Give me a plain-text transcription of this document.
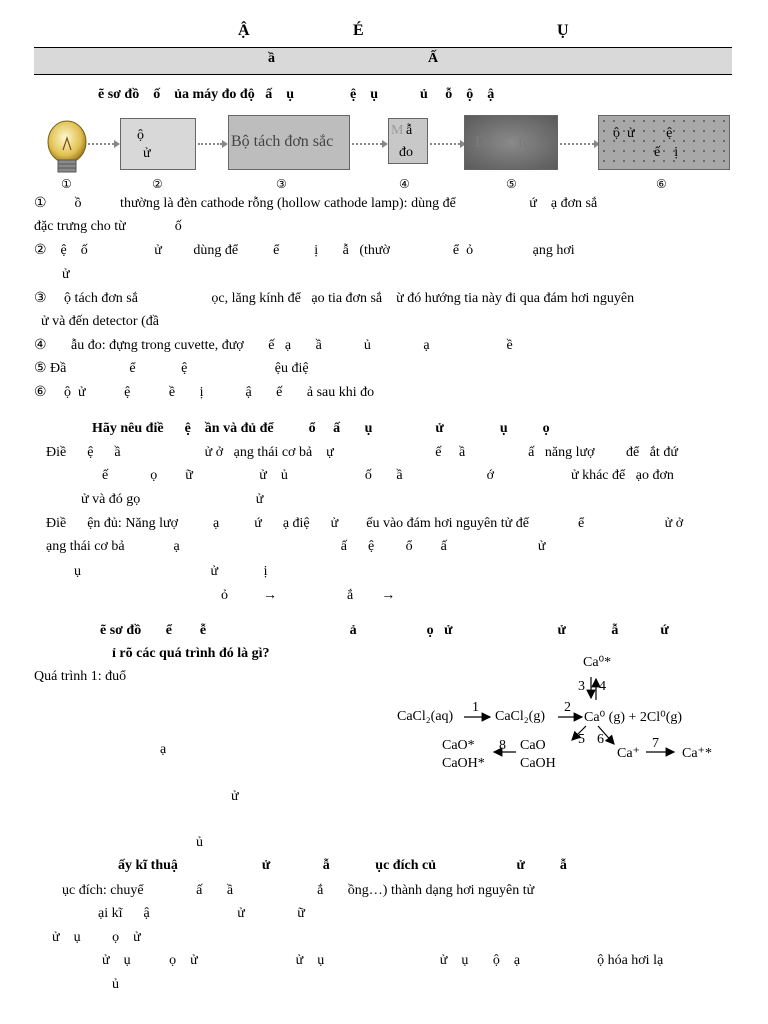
Ậ	É	Ụ
ầ	Ấ
ẽ sơ đồ    ố    ủa máy đo độ   ấ    ụ                ệ    ụ            ủ     ỗ    ộ    ậ
ộ
ử
Bộ tách đơn sắc
M ẫ
đo
Đ        tơ
ộ  ử         ệ
ế    ị
①	②	③	④	⑤	⑥
①        ồ           thường là đèn cathode rỗng (hollow cathode lamp): dùng để                     ứ    ạ đơn sắ
đặc trưng cho từ              ố
②    ệ    ố                   ử         dùng để          ể          ị       ẫ   (thườ                  ể  ỏ                 ạng hơi
ử
③     ộ tách đơn sắ                     ọc, lăng kính để   ạo tia đơn sắ    ừ đó hướng tia này đi qua đám hơi nguyên
ử và đến detector (đầ
④       ẫu đo: đựng trong cuvette, đượ       ế   ạ       ầ            ủ               ạ                      ề
⑤ Đầ                  ể             ệ                         ệu điệ
⑥     ộ  ử           ệ           ề       ị            ậ       ế       ả sau khi đo
Hãy nêu điề      ệ    ần và đủ để          ổ     ấ       ụ                  ử                ụ          ọ
Điề      ệ      ầ                        ử ở   ạng thái cơ bả    ự                             ế     ầ                  ấ   năng lượ         để   ắt đứ
ế            ọ        ữ                   ử    ủ                      ố       ầ                        ớ                      ử khác để   ạo đơn
ử và đó gọ                                 ử
Điề      ện đủ: Năng lượ          ạ          ứ      ạ điệ      ử        ếu vào đám hơi nguyên tử để              ể                       ử ở
ạng thái cơ bả              ạ                                              ấ      ệ         ổ        ấ                          ử
ụ                                     ử             ị
ỏ          →                    ắ        →
ẽ sơ đồ       ể        ễ                                         ả                    ọ   ử                              ử             ẫ            ứ
ỉ rõ các quá trình đó là gì?
Quá trình 1: đuổ
ạ
ử
ủ
Ca⁰*
3 4
CaCl₂(aq)
1
CaCl₂(g)
2
Ca⁰ (g) + 2Cl⁰(g)
5 6
CaO*
CaOH*
8 CaO
CaOH
Ca⁺
7
Ca⁺*
ấy kĩ thuậ                        ử               ẫ             ục đích củ                       ử          ẫ
ục đích: chuyể               ấ       ầ                        ắ       ồng…) thành dạng hơi nguyên tử
ại kĩ      ậ                         ử               ữ
ử    ụ         ọ    ử
ử    ụ           ọ    ử                            ử    ụ                                 ử    ụ       ộ    ạ                      ộ hóa hơi lạ
ủ
